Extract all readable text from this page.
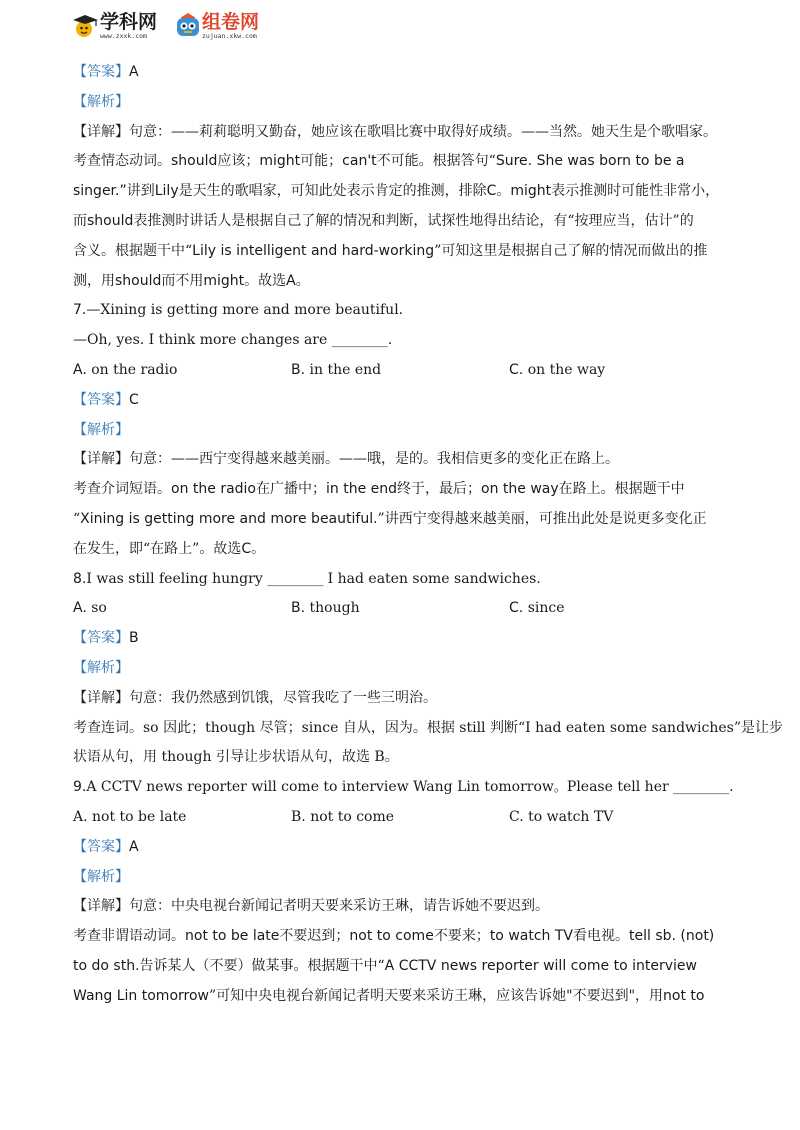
学科网
www.zxxk.com
组卷网
zujuan.xkw.com
【答案】A
【解析】
【详解】句意：——莉莉聪明又勤奋，她应该在歌唱比赛中取得好成绩。——当然。她天生是个歌唱家。
考查情态动词。should应该；might可能；can't不可能。根据答句“Sure. She was born to be a
singer.”讲到Lily是天生的歌唱家，可知此处表示肯定的推测，排除C。might表示推测时可能性非常小，
而should表推测时讲话人是根据自己了解的情况和判断，试探性地得出结论，有“按理应当，估计”的
含义。根据题干中“Lily is intelligent and hard-working”可知这里是根据自己了解的情况而做出的推
测，用should而不用might。故选A。
7.—Xining is getting more and more beautiful.
—Oh, yes. I think more changes are ________.
A. on the radio	B. in the end	C. on the way
【答案】C
【解析】
【详解】句意：——西宁变得越来越美丽。——哦，是的。我相信更多的变化正在路上。
考查介词短语。on the radio在广播中；in the end终于，最后；on the way在路上。根据题干中
“Xining is getting more and more beautiful.”讲西宁变得越来越美丽，可推出此处是说更多变化正
在发生，即“在路上”。故选C。
8.I was still feeling hungry ________ I had eaten some sandwiches.
A. so	B. though	C. since
【答案】B
【解析】
【详解】句意：我仍然感到饥饿，尽管我吃了一些三明治。
考查连词。so 因此；though 尽管；since 自从，因为。根据 still 判断“I had eaten some sandwiches”是让步
状语从句，用 though 引导让步状语从句，故选 B。
9.A CCTV news reporter will come to interview Wang Lin tomorrow。Please tell her ________.
A. not to be late	B. not to come	C. to watch TV
【答案】A
【解析】
【详解】句意：中央电视台新闻记者明天要来采访王琳，请告诉她不要迟到。
考查非谓语动词。not to be late不要迟到；not to come不要来；to watch TV看电视。tell sb. (not)
to do sth.告诉某人（不要）做某事。根据题干中“A CCTV news reporter will come to interview
Wang Lin tomorrow”可知中央电视台新闻记者明天要来采访王琳，应该告诉她"不要迟到"，用not to
